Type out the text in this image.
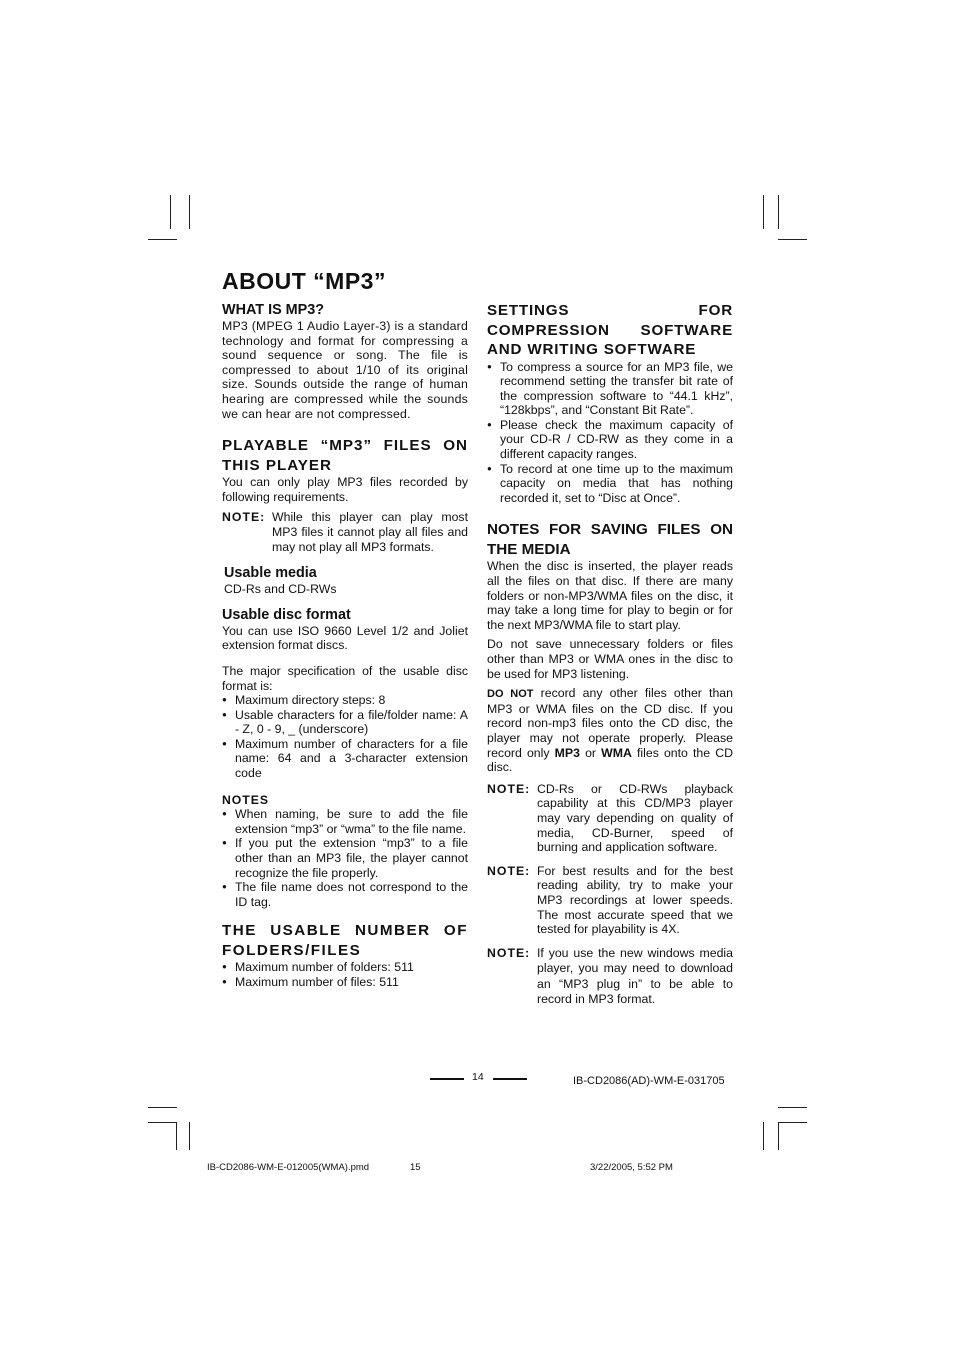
ABOUT “MP3”
WHAT IS MP3?

MP3 (MPEG 1 Audio Layer-3) is a standard technology and format for compressing a sound sequence or song. The file is compressed to about 1/10 of its original size. Sounds outside the range of human hearing are compressed while the sounds we can hear are not compressed.

PLAYABLE “MP3” FILES ON THIS PLAYER

You can only play MP3 files recorded by following requirements.

NOTE: While this player can play most MP3 files it cannot play all files and may not play all MP3 formats.
Usable media

CD-Rs and CD-RWs

Usable disc format

You can use ISO 9660 Level 1/2 and Joliet extension format discs.

The major specification of the usable disc format is:

● Maximum directory steps: 8
● Usable characters for a file/folder name: A - Z, 0 - 9, _ (underscore)
● Maximum number of characters for a file name: 64 and a 3-character extension code
NOTES
● When naming, be sure to add the file extension “mp3” or “wma” to the file name.
● If you put the extension “mp3” to a file other than an MP3 file, the player cannot recognize the file properly.
● The file name does not correspond to the ID tag.
THE USABLE NUMBER OF FOLDERS/FILES
● Maximum number of folders: 511
● Maximum number of files: 511
SETTINGS FOR COMPRESSION SOFTWARE AND WRITING SOFTWARE
● To compress a source for an MP3 file, we recommend setting the transfer bit rate of the compression software to “44.1 kHz”, “128kbps”, and “Constant Bit Rate”.
● Please check the maximum capacity of your CD-R / CD-RW as they come in a different capacity ranges.
● To record at one time up to the maximum capacity on media that has nothing recorded it, set to “Disc at Once”.
NOTES FOR SAVING FILES ON THE MEDIA

When the disc is inserted, the player reads all the files on that disc. If there are many folders or non-MP3/WMA files on the disc, it may take a long time for play to begin or for the next MP3/WMA file to start play.

Do not save unnecessary folders or files other than MP3 or WMA ones in the disc to be used for MP3 listening.

DO NOT record any other files other than MP3 or WMA files on the CD disc. If you record non-mp3 files onto the CD disc, the player may not operate properly. Please record only MP3 or WMA files onto the CD disc.

NOTE: CD-Rs or CD-RWs playback capability at this CD/MP3 player may vary depending on quality of media, CD-Burner, speed of burning and application software.
NOTE: For best results and for the best reading ability, try to make your MP3 recordings at lower speeds. The most accurate speed that we tested for playability is 4X.
NOTE: If you use the new windows media player, you may need to download an “MP3 plug in” to be able to record in MP3 format.
14	IB-CD2086(AD)-WM-E-031705
IB-CD2086-WM-E-012005(WMA).pmd	15	3/22/2005, 5:52 PM
